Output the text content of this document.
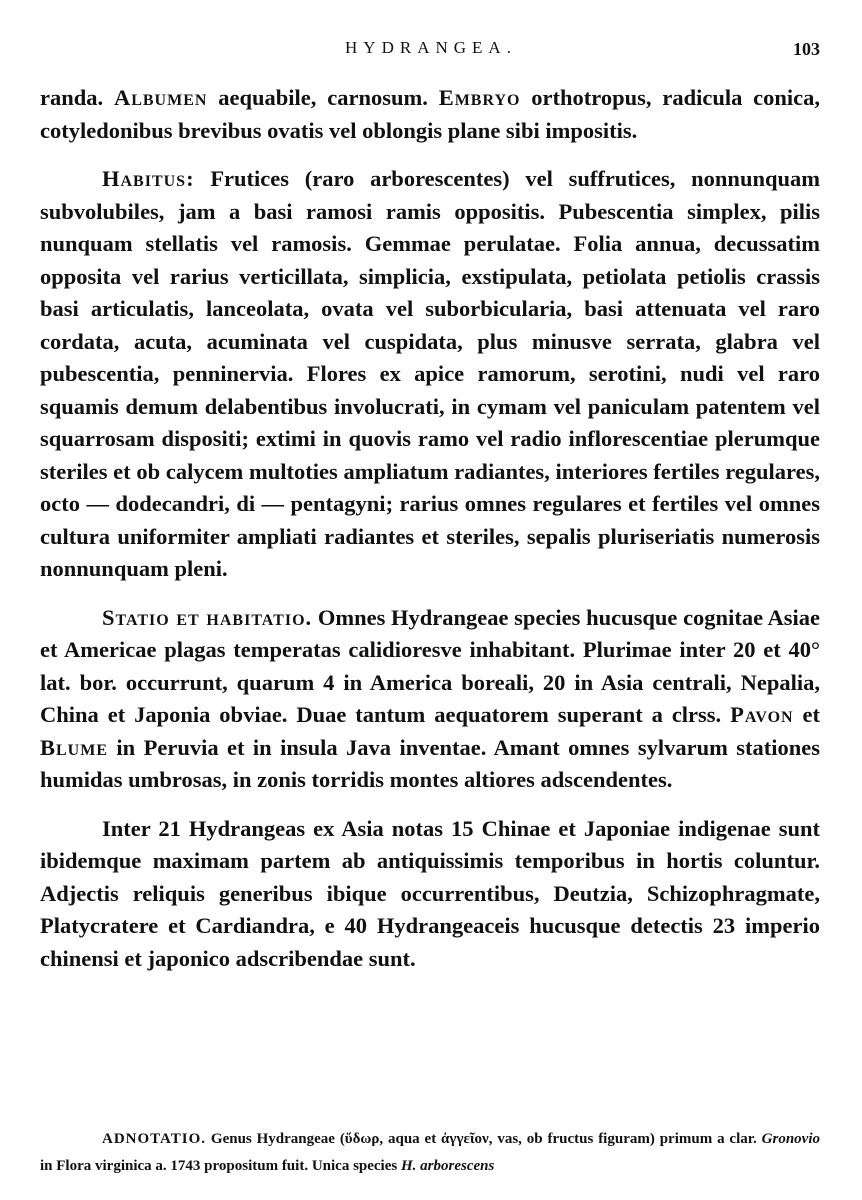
HYDRANGEA.	103

randa. Albumen aequabile, carnosum. Embryo orthotropus, radicula conica, cotyledonibus brevibus ovatis vel oblongis plane sibi impositis.

Habitus: Frutices (raro arborescentes) vel suffrutices, nonnunquam subvolubiles, jam a basi ramosi ramis oppositis. Pubescentia simplex, pilis nunquam stellatis vel ramosis. Gemmae perulatae. Folia annua, decussatim opposita vel rarius verticillata, simplicia, exstipulata, petiolata petiolis crassis basi articulatis, lanceolata, ovata vel suborbicularia, basi attenuata vel raro cordata, acuta, acuminata vel cuspidata, plus minusve serrata, glabra vel pubescentia, penninervia. Flores ex apice ramorum, serotini, nudi vel raro squamis demum delabentibus involucrati, in cymam vel paniculam patentem vel squarrosam dispositi; extimi in quovis ramo vel radio inflorescentiae plerumque steriles et ob calycem multoties ampliatum radiantes, interiores fertiles regulares, octo — dodecandri, di — pentagyni; rarius omnes regulares et fertiles vel omnes cultura uniformiter ampliati radiantes et steriles, sepalis pluriseriatis numerosis nonnunquam pleni.

Statio et habitatio. Omnes Hydrangeae species hucusque cognitae Asiae et Americae plagas temperatas calidioresve inhabitant. Plurimae inter 20 et 40° lat. bor. occurrunt, quarum 4 in America boreali, 20 in Asia centrali, Nepalia, China et Japonia obviae. Duae tantum aequatorem superant a clrss. Pavon et Blume in Peruvia et in insula Java inventae. Amant omnes sylvarum stationes humidas umbrosas, in zonis torridis montes altiores adscendentes.

Inter 21 Hydrangeas ex Asia notas 15 Chinae et Japoniae indigenae sunt ibidemque maximam partem ab antiquissimis temporibus in hortis coluntur. Adjectis reliquis generibus ibique occurrentibus, Deutzia, Schizophragmate, Platycratere et Cardiandra, e 40 Hydrangeaceis hucusque detectis 23 imperio chinensi et japonico adscribendae sunt.

ADNOTATIO. Genus Hydrangeae (ὕδωρ, aqua et ἀγγεῖον, vas, ob fructus figuram) primum a clar. Gronovio in Flora virginica a. 1743 propositum fuit. Unica species H. arborescens
